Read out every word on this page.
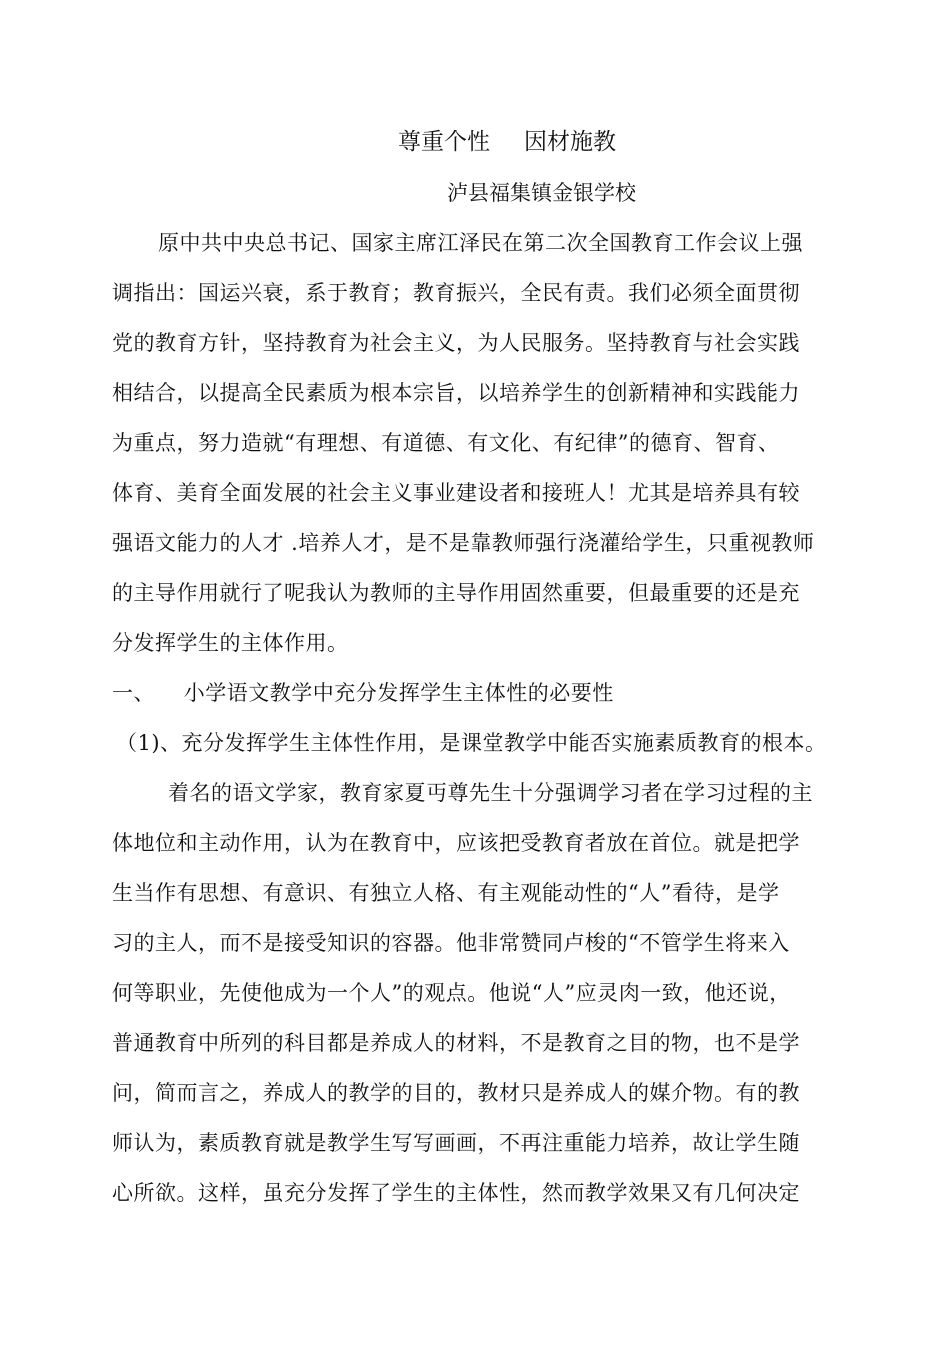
尊重个性 因材施教
泸县福集镇金银学校
原中共中央总书记、国家主席江泽民在第二次全国教育工作会议上强
调指出：国运兴衰，系于教育；教育振兴，全民有责。我们必须全面贯彻
党的教育方针，坚持教育为社会主义，为人民服务。坚持教育与社会实践
相结合，以提高全民素质为根本宗旨，以培养学生的创新精神和实践能力
为重点，努力造就“有理想、有道德、有文化、有纪律”的德育、智育、
体育、美育全面发展的社会主义事业建设者和接班人！尤其是培养具有较
强语文能力的人才 .培养人才，是不是靠教师强行浇灌给学生，只重视教师
的主导作用就行了呢我认为教师的主导作用固然重要，但最重要的还是充
分发挥学生的主体作用。
一、    小学语文教学中充分发挥学生主体性的必要性
（1)、充分发挥学生主体性作用，是课堂教学中能否实施素质教育的根本。
着名的语文学家，教育家夏丏尊先生十分强调学习者在学习过程的主
体地位和主动作用，认为在教育中，应该把受教育者放在首位。就是把学
生当作有思想、有意识、有独立人格、有主观能动性的“人”看待，是学
习的主人，而不是接受知识的容器。他非常赞同卢梭的“不管学生将来入
何等职业，先使他成为一个人”的观点。他说“人”应灵肉一致，他还说，
普通教育中所列的科目都是养成人的材料，不是教育之目的物，也不是学
问，简而言之，养成人的教学的目的，教材只是养成人的媒介物。有的教
师认为，素质教育就是教学生写写画画，不再注重能力培养，故让学生随
心所欲。这样，虽充分发挥了学生的主体性，然而教学效果又有几何决定
